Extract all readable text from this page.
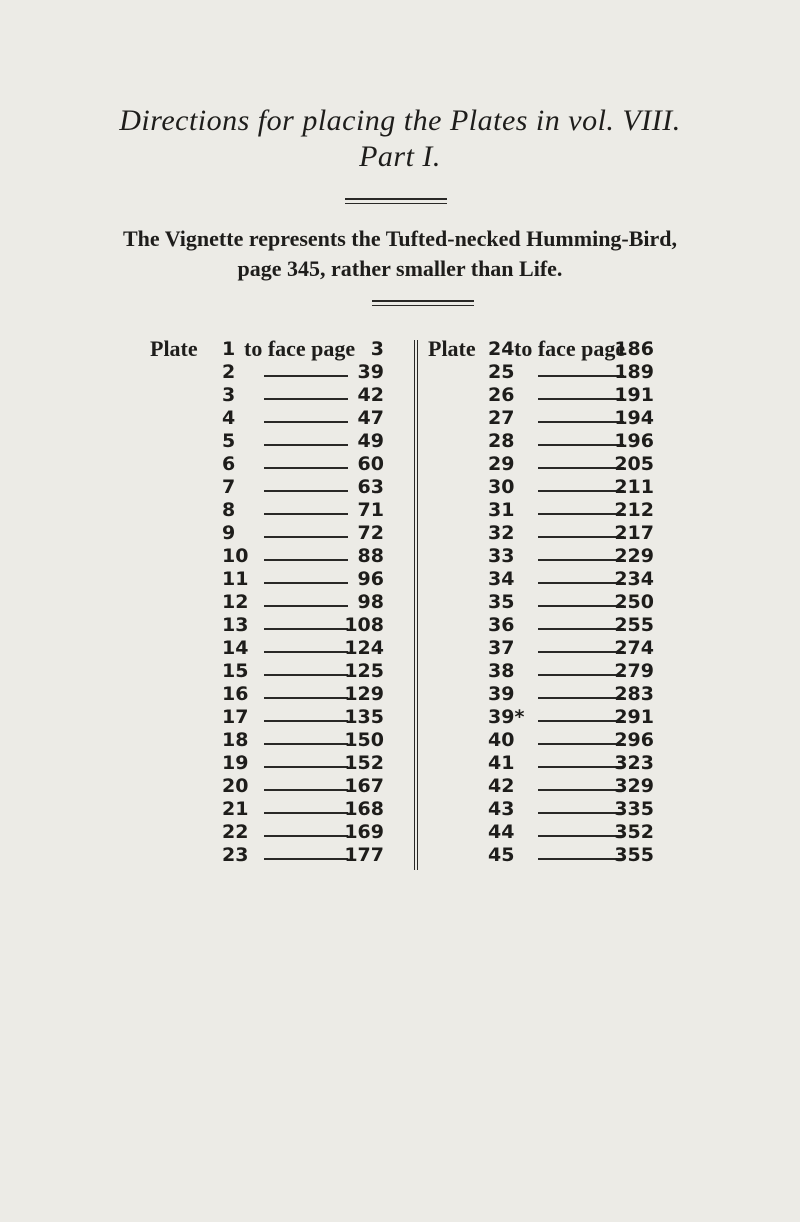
Directions for placing the Plates in vol. VIII.
Part I.
The Vignette represents the Tufted-necked Humming-Bird,
page 345, rather smaller than Life.
Plate to face page	Plate to face page
1	3
2	39
3	42
4	47
5	49
6	60
7	63
8	71
9	72
10	88
11	96
12	98
13	108
14	124
15	125
16	129
17	135
18	150
19	152
20	167
21	168
22	169
23	177
24	186
25	189
26	191
27	194
28	196
29	205
30	211
31	212
32	217
33	229
34	234
35	250
36	255
37	274
38	279
39	283
39*	291
40	296
41	323
42	329
43	335
44	352
45	355
